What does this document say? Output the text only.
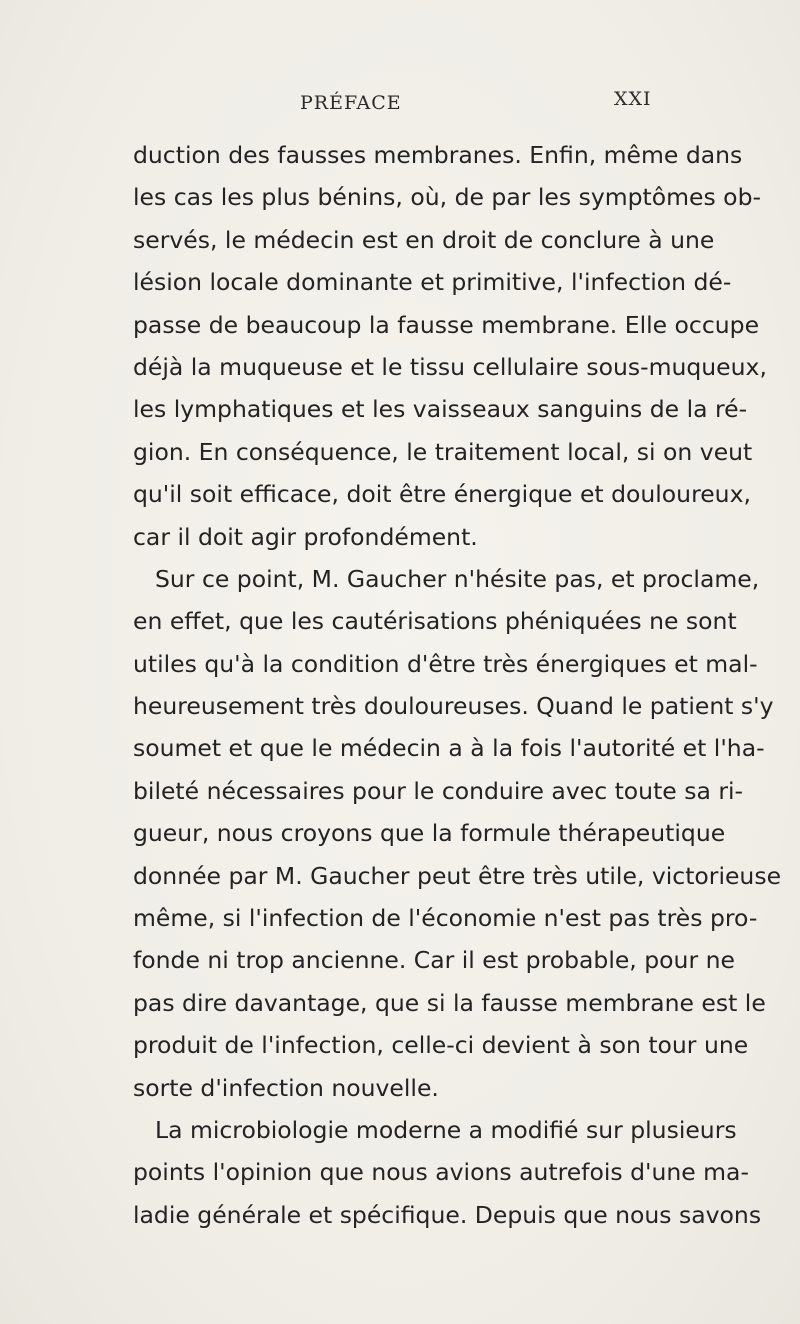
PRÉFACE	XXI
duction des fausses membranes. Enfin, même dans
les cas les plus bénins, où, de par les symptômes ob-
servés, le médecin est en droit de conclure à une
lésion locale dominante et primitive, l'infection dé-
passe de beaucoup la fausse membrane. Elle occupe
déjà la muqueuse et le tissu cellulaire sous-muqueux,
les lymphatiques et les vaisseaux sanguins de la ré-
gion. En conséquence, le traitement local, si on veut
qu'il soit efficace, doit être énergique et douloureux,
car il doit agir profondément.
Sur ce point, M. Gaucher n'hésite pas, et proclame,
en effet, que les cautérisations phéniquées ne sont
utiles qu'à la condition d'être très énergiques et mal-
heureusement très douloureuses. Quand le patient s'y
soumet et que le médecin a à la fois l'autorité et l'ha-
bileté nécessaires pour le conduire avec toute sa ri-
gueur, nous croyons que la formule thérapeutique
donnée par M. Gaucher peut être très utile, victorieuse
même, si l'infection de l'économie n'est pas très pro-
fonde ni trop ancienne. Car il est probable, pour ne
pas dire davantage, que si la fausse membrane est le
produit de l'infection, celle-ci devient à son tour une
sorte d'infection nouvelle.
La microbiologie moderne a modifié sur plusieurs
points l'opinion que nous avions autrefois d'une ma-
ladie générale et spécifique. Depuis que nous savons
